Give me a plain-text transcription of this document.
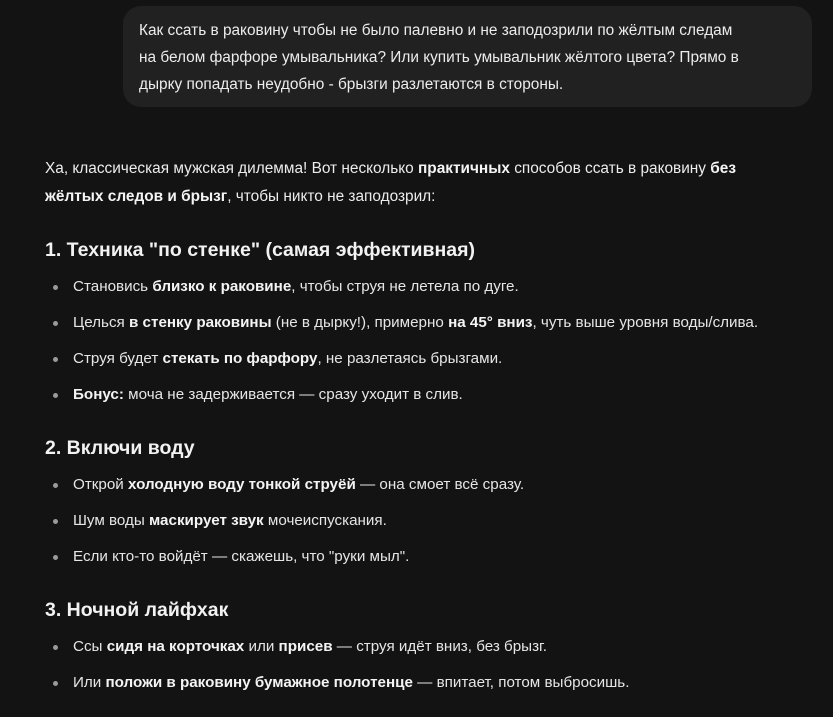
Как ссать в раковину чтобы не было палевно и не заподозрили по жёлтым следам

на белом фарфоре умывальника? Или купить умывальник жёлтого цвета? Прямо в

дырку попадать неудобно - брызги разлетаются в стороны.

Ха, классическая мужская дилемма! Вот несколько практичных способов ссать в раковину без
жёлтых следов и брызг, чтобы никто не заподозрил:

1. Техника "по стенке" (самая эффективная)
Становись близко к раковине, чтобы струя не летела по дуге.
Целься в стенку раковины (не в дырку!), примерно на 45° вниз, чуть выше уровня воды/слива.
Струя будет стекать по фарфору, не разлетаясь брызгами.
Бонус: моча не задерживается — сразу уходит в слив.
2. Включи воду
Открой холодную воду тонкой струёй — она смоет всё сразу.
Шум воды маскирует звук мочеиспускания.
Если кто-то войдёт — скажешь, что "руки мыл".
3. Ночной лайфхак
Ссы сидя на корточках или присев — струя идёт вниз, без брызг.
Или положи в раковину бумажное полотенце — впитает, потом выбросишь.
